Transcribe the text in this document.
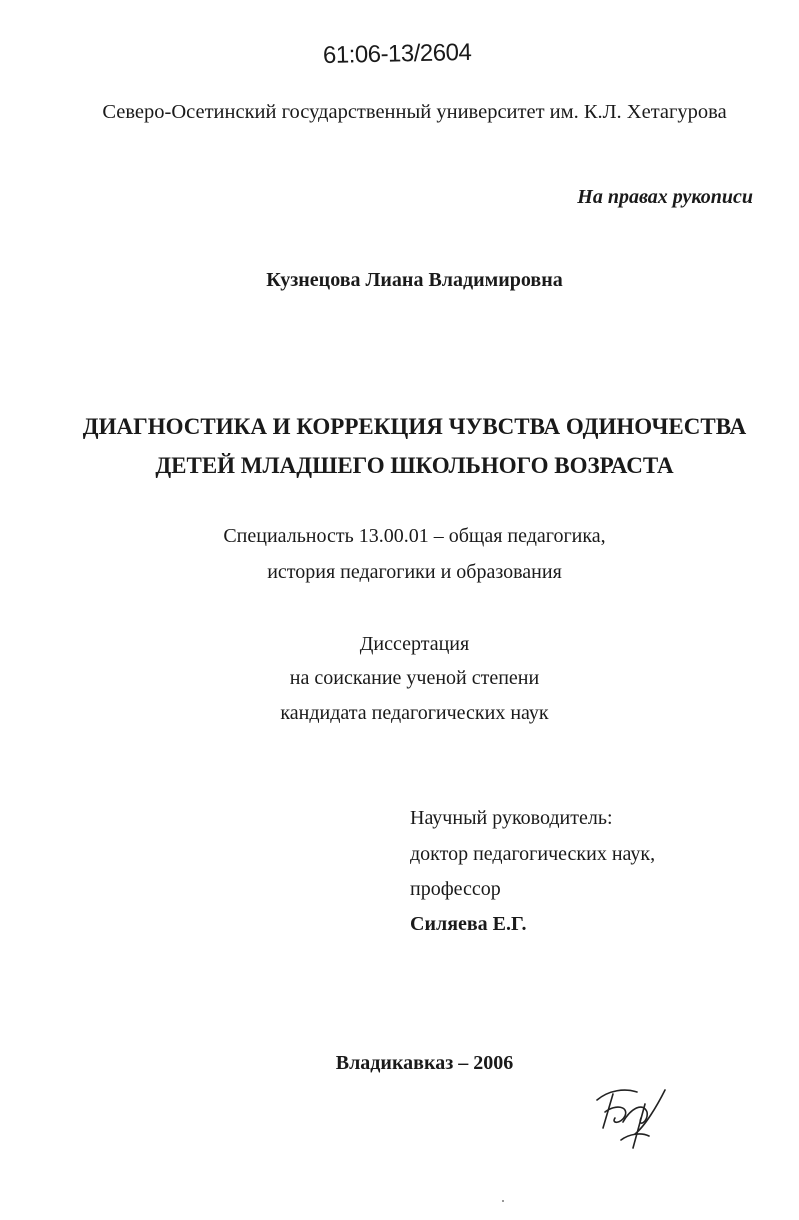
61:06-13/2604
Северо-Осетинский государственный университет им. К.Л. Хетагурова
На правах рукописи
Кузнецова Лиана Владимировна
ДИАГНОСТИКА И КОРРЕКЦИЯ ЧУВСТВА ОДИНОЧЕСТВА
ДЕТЕЙ МЛАДШЕГО ШКОЛЬНОГО ВОЗРАСТА
Специальность 13.00.01 – общая педагогика,
история педагогики и образования
Диссертация
на соискание ученой степени
кандидата педагогических наук
Научный руководитель:
доктор педагогических наук,
профессор
Силяева Е.Г.
Владикавказ – 2006
